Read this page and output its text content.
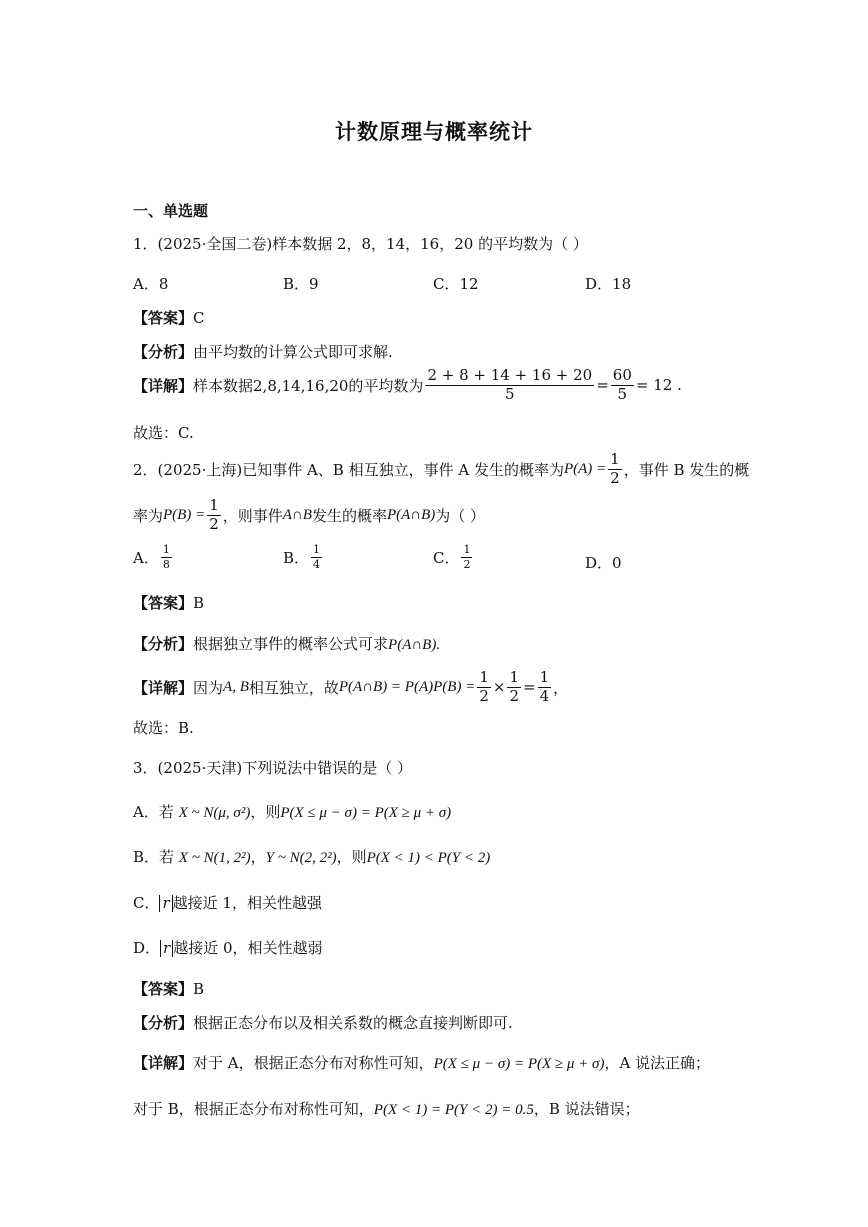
计数原理与概率统计
一、单选题
1．(2025·全国二卷)样本数据 2，8，14，16，20 的平均数为（ ）
A．8	B．9	C．12	D．18
【答案】C
【分析】由平均数的计算公式即可求解.
【详解】 样本数据2,8,14,16,20的平均数为 $\frac{2 + 8 + 14 + 16 + 20}{5} = \frac{60}{5} = 12$ .
故选：C.
2．(2025·上海)已知事件 A、B 相互独立，事件 A 发生的概率为 $P(A) = \frac{1}{2}$ ，事件 B 发生的概
率为 $P(B) = \frac{1}{2}$ ，则事件 A∩B 发生的概率 P(A∩B) 为（ ）
A． $\frac{1}{8}$	B． $\frac{1}{4}$	C． $\frac{1}{2}$	D．0
【答案】B
【分析】根据独立事件的概率公式可求P(A∩B).
【详解】 因为 A, B 相互独立，故 P(A∩B) = $P(A)P(B) = \frac{1}{2} \times \frac{1}{2} = \frac{1}{4}$ ，
故选：B.
3．(2025·天津)下列说法中错误的是（ ）
A．若 X ~ N(μ, σ²)，则P(X ≤ μ − σ) = P(X ≥ μ + σ)
B．若 X ~ N(1, 2²)，Y ~ N(2, 2²)，则P(X < 1) < P(Y < 2)
C． r 越接近 1，相关性越强
D． r 越接近 0，相关性越弱
【答案】B
【分析】根据正态分布以及相关系数的概念直接判断即可.
【详解】对于 A，根据正态分布对称性可知，P(X ≤ μ − σ) = P(X ≥ μ + σ)，A 说法正确；
对于 B，根据正态分布对称性可知，P(X < 1) = P(Y < 2) = 0.5，B 说法错误；
